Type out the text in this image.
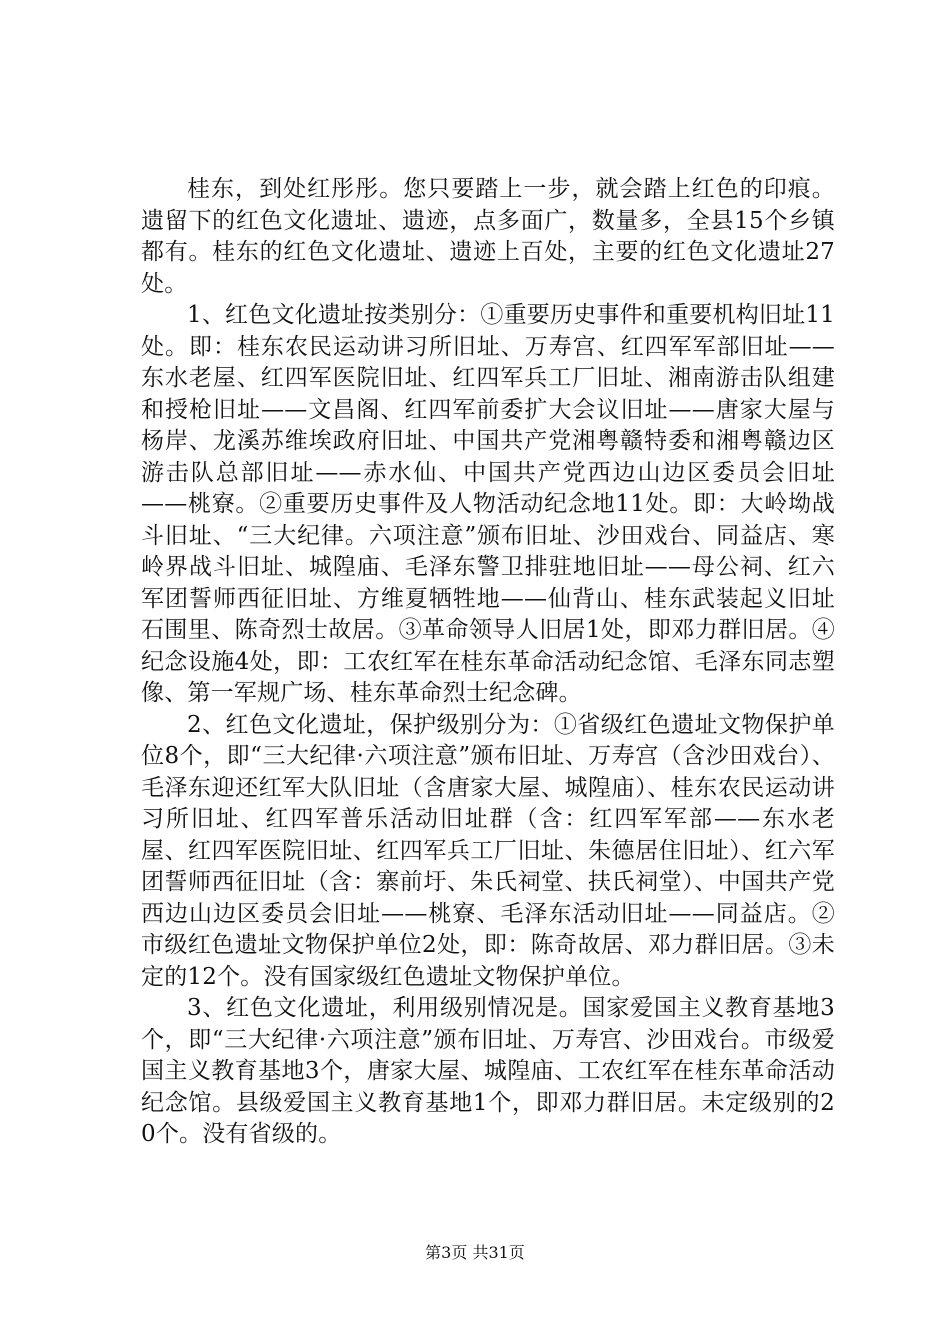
桂东，到处红彤彤。您只要踏上一步，就会踏上红色的印痕。遗留下的红色文化遗址、遗迹，点多面广，数量多，全县15个乡镇都有。桂东的红色文化遗址、遗迹上百处，主要的红色文化遗址27处。

1、红色文化遗址按类别分：①重要历史事件和重要机构旧址11处。即：桂东农民运动讲习所旧址、万寿宫、红四军军部旧址——东水老屋、红四军医院旧址、红四军兵工厂旧址、湘南游击队组建和授枪旧址——文昌阁、红四军前委扩大会议旧址——唐家大屋与杨岸、龙溪苏维埃政府旧址、中国共产党湘粤赣特委和湘粤赣边区游击队总部旧址——赤水仙、中国共产党西边山边区委员会旧址——桃寮。②重要历史事件及人物活动纪念地11处。即：大岭坳战斗旧址、“三大纪律。六项注意”颁布旧址、沙田戏台、同益店、寒岭界战斗旧址、城隍庙、毛泽东警卫排驻地旧址——母公祠、红六军团誓师西征旧址、方维夏牺牲地——仙背山、桂东武装起义旧址石围里、陈奇烈士故居。③革命领导人旧居1处，即邓力群旧居。④纪念设施4处，即：工农红军在桂东革命活动纪念馆、毛泽东同志塑像、第一军规广场、桂东革命烈士纪念碑。

2、红色文化遗址，保护级别分为：①省级红色遗址文物保护单位8个，即“三大纪律·六项注意”颁布旧址、万寿宫（含沙田戏台）、毛泽东迎还红军大队旧址（含唐家大屋、城隍庙）、桂东农民运动讲习所旧址、红四军普乐活动旧址群（含：红四军军部——东水老屋、红四军医院旧址、红四军兵工厂旧址、朱德居住旧址）、红六军团誓师西征旧址（含：寨前圩、朱氏祠堂、扶氏祠堂）、中国共产党西边山边区委员会旧址——桃寮、毛泽东活动旧址——同益店。②市级红色遗址文物保护单位2处，即：陈奇故居、邓力群旧居。③未定的12个。没有国家级红色遗址文物保护单位。

3、红色文化遗址，利用级别情况是。国家爱国主义教育基地3个，即“三大纪律·六项注意”颁布旧址、万寿宫、沙田戏台。市级爱国主义教育基地3个，唐家大屋、城隍庙、工农红军在桂东革命活动纪念馆。县级爱国主义教育基地1个，即邓力群旧居。未定级别的20个。没有省级的。

第3页 共31页
